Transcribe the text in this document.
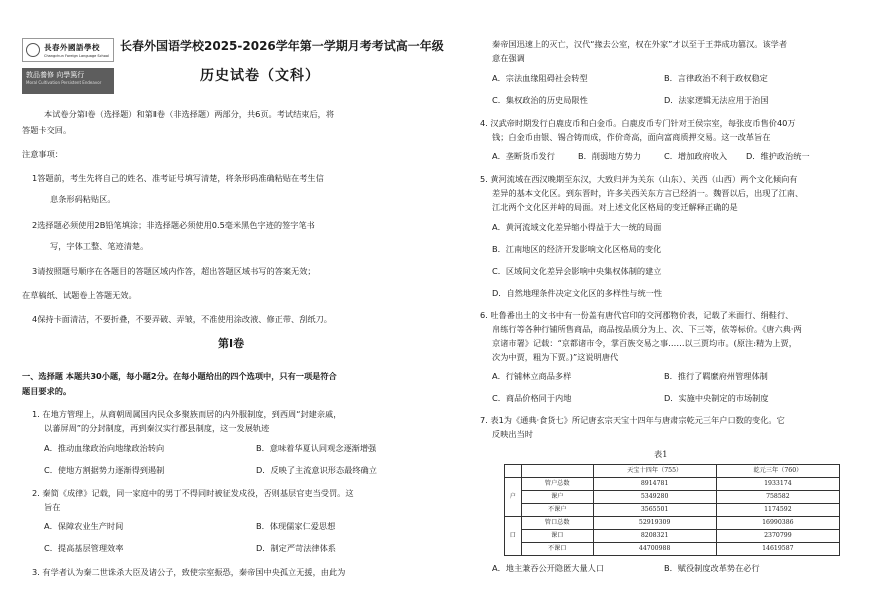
長春外國語學校
Changchun Foreign Language School
敦品養修 向學篤行
Moral Cultivation Persistent Endeavor
长春外国语学校2025-2026学年第一学期月考考试高一年级
历史试卷（文科）
本试卷分第Ⅰ卷（选择题）和第Ⅱ卷（非选择题）两部分，共6页。考试结束后，将
答题卡交回。
注意事项：
1答题前，考生先将自己的姓名、准考证号填写清楚，将条形码准确粘贴在考生信
息条形码粘贴区。
2选择题必须使用2B铅笔填涂；非选择题必须使用0.5毫米黑色字迹的签字笔书
写，字体工整、笔迹清楚。
3请按照题号顺序在各题目的答题区域内作答，超出答题区域书写的答案无效；
在草稿纸、试题卷上答题无效。
4保持卡面清洁，不要折叠，不要弄破、弄皱，不准使用涂改液、修正带、刮纸刀。
第Ⅰ卷
一、选择题 本题共30小题，每小题2分。在每小题给出的四个选项中，只有一项是符合
题目要求的。
1. 在地方管理上，从商朝周属国内民众多聚族而居的内外服制度，到西周“封建亲戚，
以蕃屏周”的分封制度，再到秦汉实行郡县制度，这一发展轨迹
A．推动血缘政治向地缘政治转向	B．意味着华夏认同观念逐渐增强
C．使地方割据势力逐渐得到遏制	D．反映了主流意识形态最终确立
2. 秦简《成律》记载，同一家庭中的男丁不得同时被征发戍役，否则基层官吏当受罚。这
旨在
A．保障农业生产时间	B．体现儒家仁爱思想
C．提高基层管理效率	D．制定严苛法律体系
3. 有学者认为秦二世诛杀大臣及诸公子，致使宗室振恐，秦帝国中央孤立无援，由此为
秦帝国迅速上的灭亡，汉代“掾去公室，权在外家”才以至于王莽成功篡汉。该学者
意在强调
A．宗法血缘阻碍社会转型	B．言律政治不利于政权稳定
C．集权政治的历史局限性	D．法家逻辑无法应用于治国
4. 汉武帝时期发行白鹿皮币和白金币。白鹿皮币专门针对王侯宗室，每张皮币售价40万
钱；白金币由银、锡合铸而成，作价奇高，面向富商质押交易。这一改革旨在
A．垄断货币发行	B．削弱地方势力	C．增加政府收入 D．维护政治统一
5. 黄河流域在西汉晚期至东汉，大致归并为关东（山东）、关西（山西）两个文化倾向有
差异的基本文化区。到东晋时，许多关西关东方言已经消一。魏晋以后，出现了江南、
江北两个文化区并峙的局面。对上述文化区格局的变迁解释正确的是
A．黄河流域文化差异缩小得益于大一统的局面
B．江南地区的经济开发影响文化区格局的变化
C．区域间文化差异会影响中央集权体制的建立
D．自然地理条件决定文化区的多样性与统一性
6. 吐鲁番出土的文书中有一份盖有唐代官印的交河郡物价表，记载了米面行、绢鞋行、
帛练行等各种行铺所售商品，商品按品质分为上、次、下三等，依等标价。《唐六典·两
京诸市署》记载：“京都诸市令，掌百族交易之事……以三贾均市。(原注:精为上贾，
次为中贾，粗为下贾。)”这说明唐代
A．行铺林立商品多样	B．推行了羁縻府州管理体制
C．商品价格同于内地	D．实施中央制定的市场制度
7. 表1为《通典·食货七》所记唐玄宗天宝十四年与唐肃宗乾元三年户口数的变化。它
反映出当时
表1
		天宝十四年（755）	乾元三年（760）
户	管户总数	8914781	1933174
	课户	5349280	758582
	不课户	3565501	1174592
口	管口总数	52919309	16990386
	课口	8208321	2370799
	不课口	44700988	14619587
A．地主兼吞公开隐匿大量人口	B．赋役制度改革势在必行
